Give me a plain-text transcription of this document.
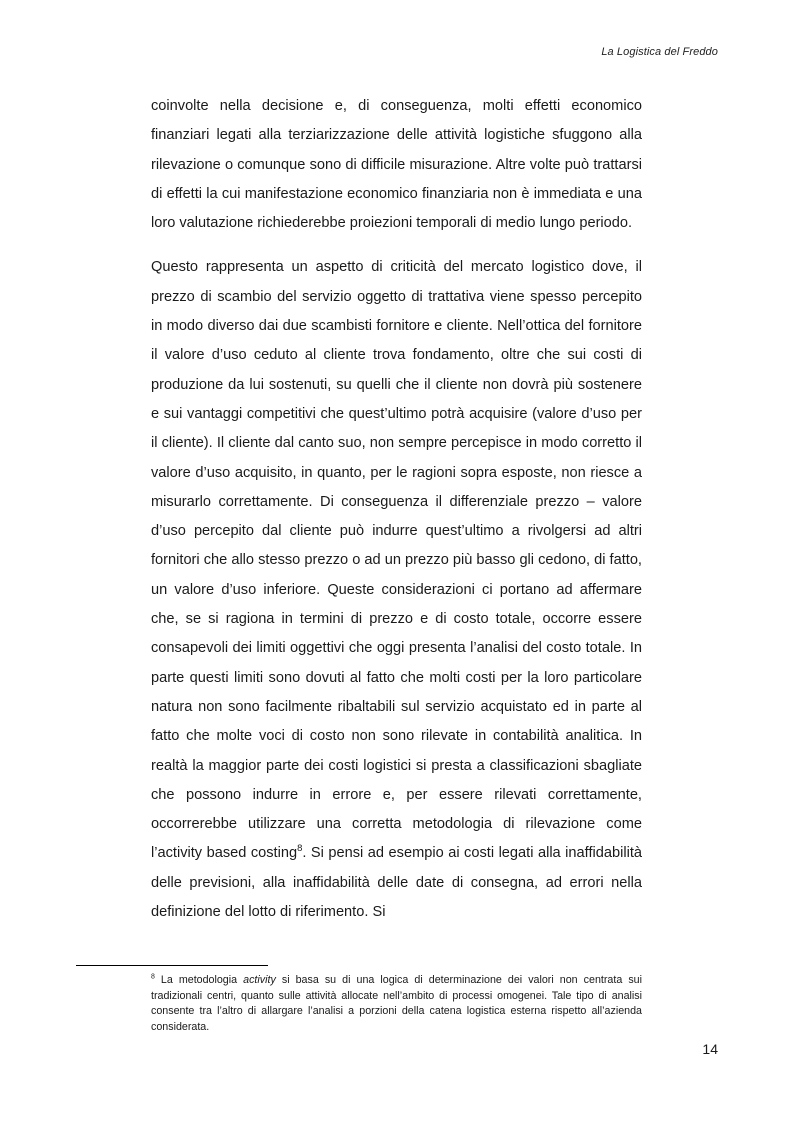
La Logistica del Freddo

coinvolte nella decisione e, di conseguenza, molti effetti economico finanziari legati alla terziarizzazione delle attività logistiche sfuggono alla rilevazione o comunque sono di difficile misurazione. Altre volte può trattarsi di effetti la cui manifestazione economico finanziaria non è immediata e una loro valutazione richiederebbe proiezioni temporali di medio lungo periodo.

Questo rappresenta un aspetto di criticità del mercato logistico dove, il prezzo di scambio del servizio oggetto di trattativa viene spesso percepito in modo diverso dai due scambisti fornitore e cliente. Nell’ottica del fornitore il valore d’uso ceduto al cliente trova fondamento, oltre che sui costi di produzione da lui sostenuti, su quelli che il cliente non dovrà più sostenere e sui vantaggi competitivi che quest’ultimo potrà acquisire (valore d’uso per il cliente). Il cliente dal canto suo, non sempre percepisce in modo corretto il valore d’uso acquisito, in quanto, per le ragioni sopra esposte, non riesce a misurarlo correttamente. Di conseguenza il differenziale prezzo – valore d’uso percepito dal cliente può indurre quest’ultimo a rivolgersi ad altri fornitori che allo stesso prezzo o ad un prezzo più basso gli cedono, di fatto, un valore d’uso inferiore. Queste considerazioni ci portano ad affermare che, se si ragiona in termini di prezzo e di costo totale, occorre essere consapevoli dei limiti oggettivi che oggi presenta l’analisi del costo totale. In parte questi limiti sono dovuti al fatto che molti costi per la loro particolare natura non sono facilmente ribaltabili sul servizio acquistato ed in parte al fatto che molte voci di costo non sono rilevate in contabilità analitica. In realtà la maggior parte dei costi logistici si presta a classificazioni sbagliate che possono indurre in errore e, per essere rilevati correttamente, occorrerebbe utilizzare una corretta metodologia di rilevazione come l’activity based costing$^8$. Si pensi ad esempio ai costi legati alla inaffidabilità delle previsioni, alla inaffidabilità delle date di consegna, ad errori nella definizione del lotto di riferimento. Si

$^8$ La metodologia activity si basa su di una logica di determinazione dei valori non centrata sui tradizionali centri, quanto sulle attività allocate nell’ambito di processi omogenei. Tale tipo di analisi consente tra l’altro di allargare l’analisi a porzioni della catena logistica esterna rispetto all’azienda considerata.
14
